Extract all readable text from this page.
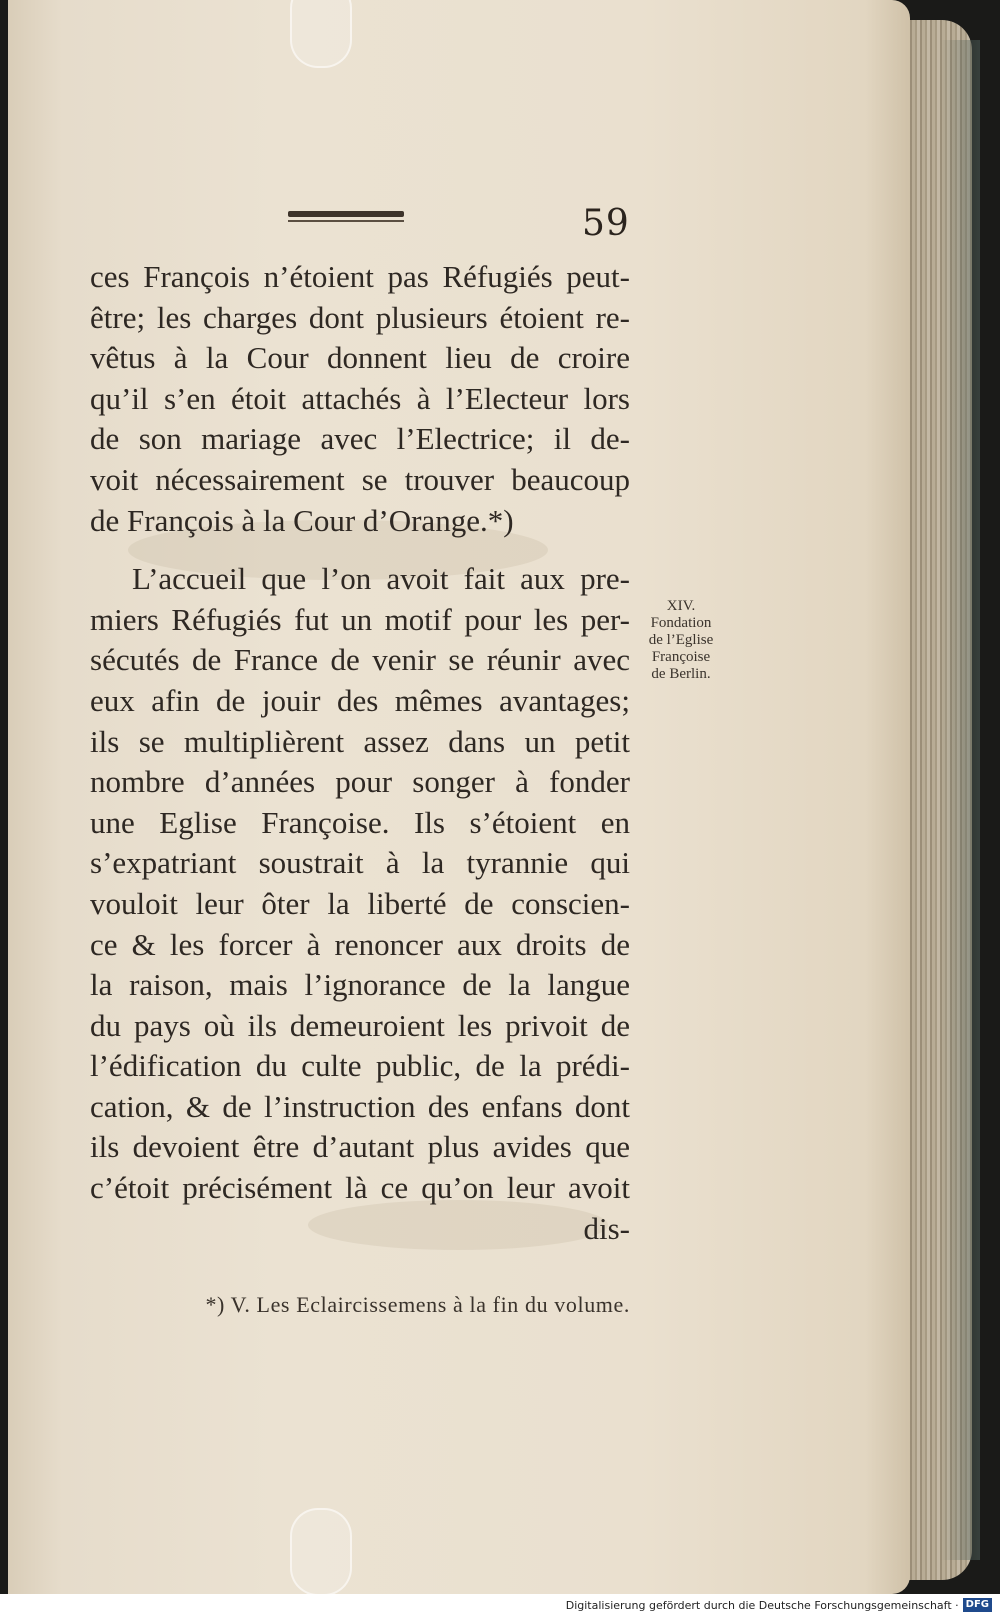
59
ces François n’étoient pas Réfugiés peut-
être; les charges dont plusieurs étoient re-
vêtus à la Cour donnent lieu de croire
qu’il s’en étoit attachés à l’Electeur lors
de son mariage avec l’Electrice; il de-
voit nécessairement se trouver beaucoup
de François à la Cour d’Orange.*)
L’accueil que l’on avoit fait aux pre-
miers Réfugiés fut un motif pour les per-
sécutés de France de venir se réunir avec
eux afin de jouir des mêmes avantages;
ils se multiplièrent assez dans un petit
nombre d’années pour songer à fonder
une Eglise Françoise. Ils s’étoient en
s’expatriant soustrait à la tyrannie qui
vouloit leur ôter la liberté de conscien-
ce & les forcer à renoncer aux droits de
la raison, mais l’ignorance de la langue
du pays où ils demeuroient les privoit de
l’édification du culte public, de la prédi-
cation, & de l’instruction des enfans dont
ils devoient être d’autant plus avides que
c’étoit précisément là ce qu’on leur avoit
dis-
XIV.
Fondation
de l’Eglise
Françoise
de Berlin.
*) V. Les Eclaircissemens à la fin du volume.
Digitalisierung gefördert durch die Deutsche Forschungsgemeinschaft · DFG
